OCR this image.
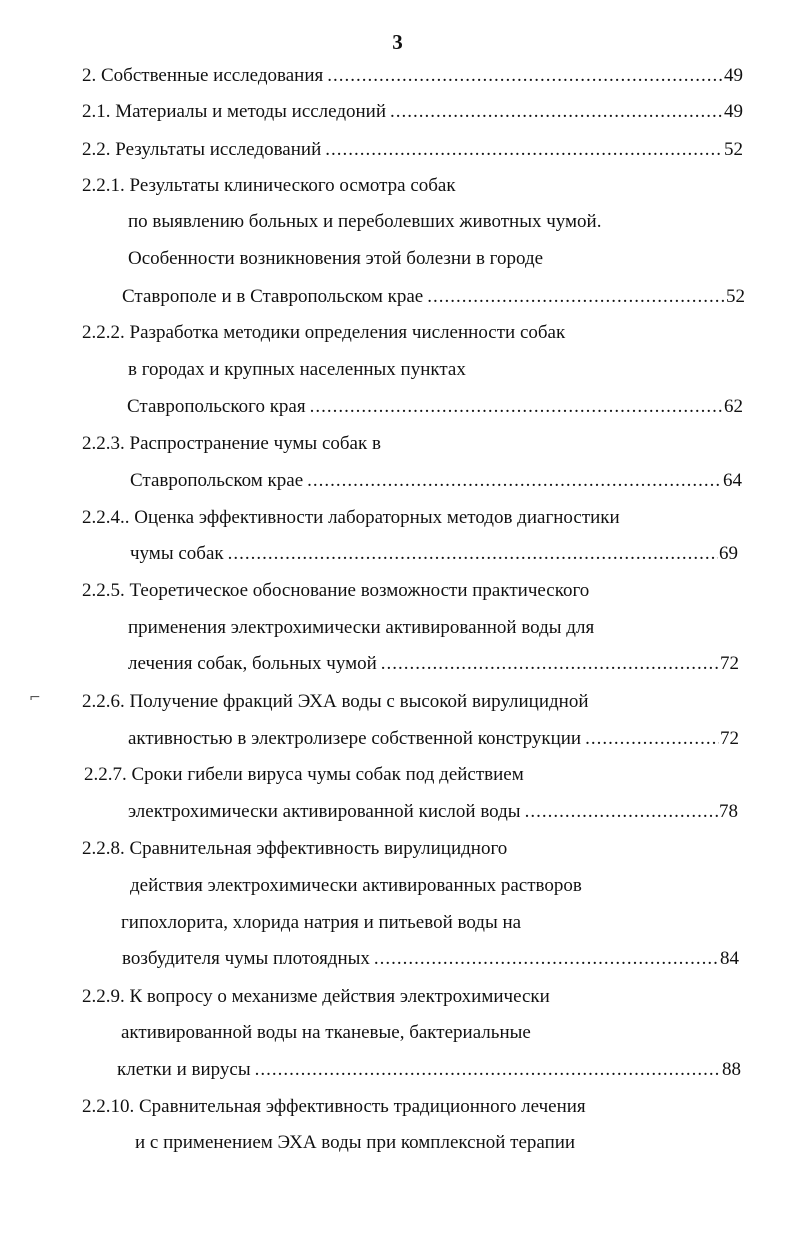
3
2. Собственные исследования .....	49
2.1. Материалы и методы исследоний .....	49
2.2. Результаты исследований .....	52
2.2.1. Результаты клинического осмотра собак
по выявлению больных и переболевших животных чумой.
Особенности возникновения этой болезни в городе
Ставрополе и в Ставропольском крае .....	52
2.2.2. Разработка методики определения численности собак
в городах и крупных населенных пунктах
Ставропольского края .....	62
2.2.3. Распространение чумы собак в
Ставропольском крае .....	64
2.2.4.. Оценка эффективности лабораторных методов диагностики
чумы собак .....	69
2.2.5. Теоретическое обоснование возможности практического
применения электрохимически активированной воды для
лечения собак, больных чумой .....	72
2.2.6. Получение фракций ЭХА воды с высокой вирулицидной
активностью в электролизере собственной конструкции .....	72
2.2.7. Сроки гибели вируса чумы собак под действием
электрохимически активированной кислой воды .....	78
2.2.8. Сравнительная эффективность вирулицидного
действия электрохимически активированных растворов
гипохлорита, хлорида натрия и питьевой воды на
возбудителя чумы плотоядных .....	84
2.2.9. К вопросу о механизме действия электрохимически
активированной воды на тканевые, бактериальные
клетки и вирусы .....	88
2.2.10. Сравнительная эффективность традиционного лечения
и с применением ЭХА воды при комплексной терапии
⌐
